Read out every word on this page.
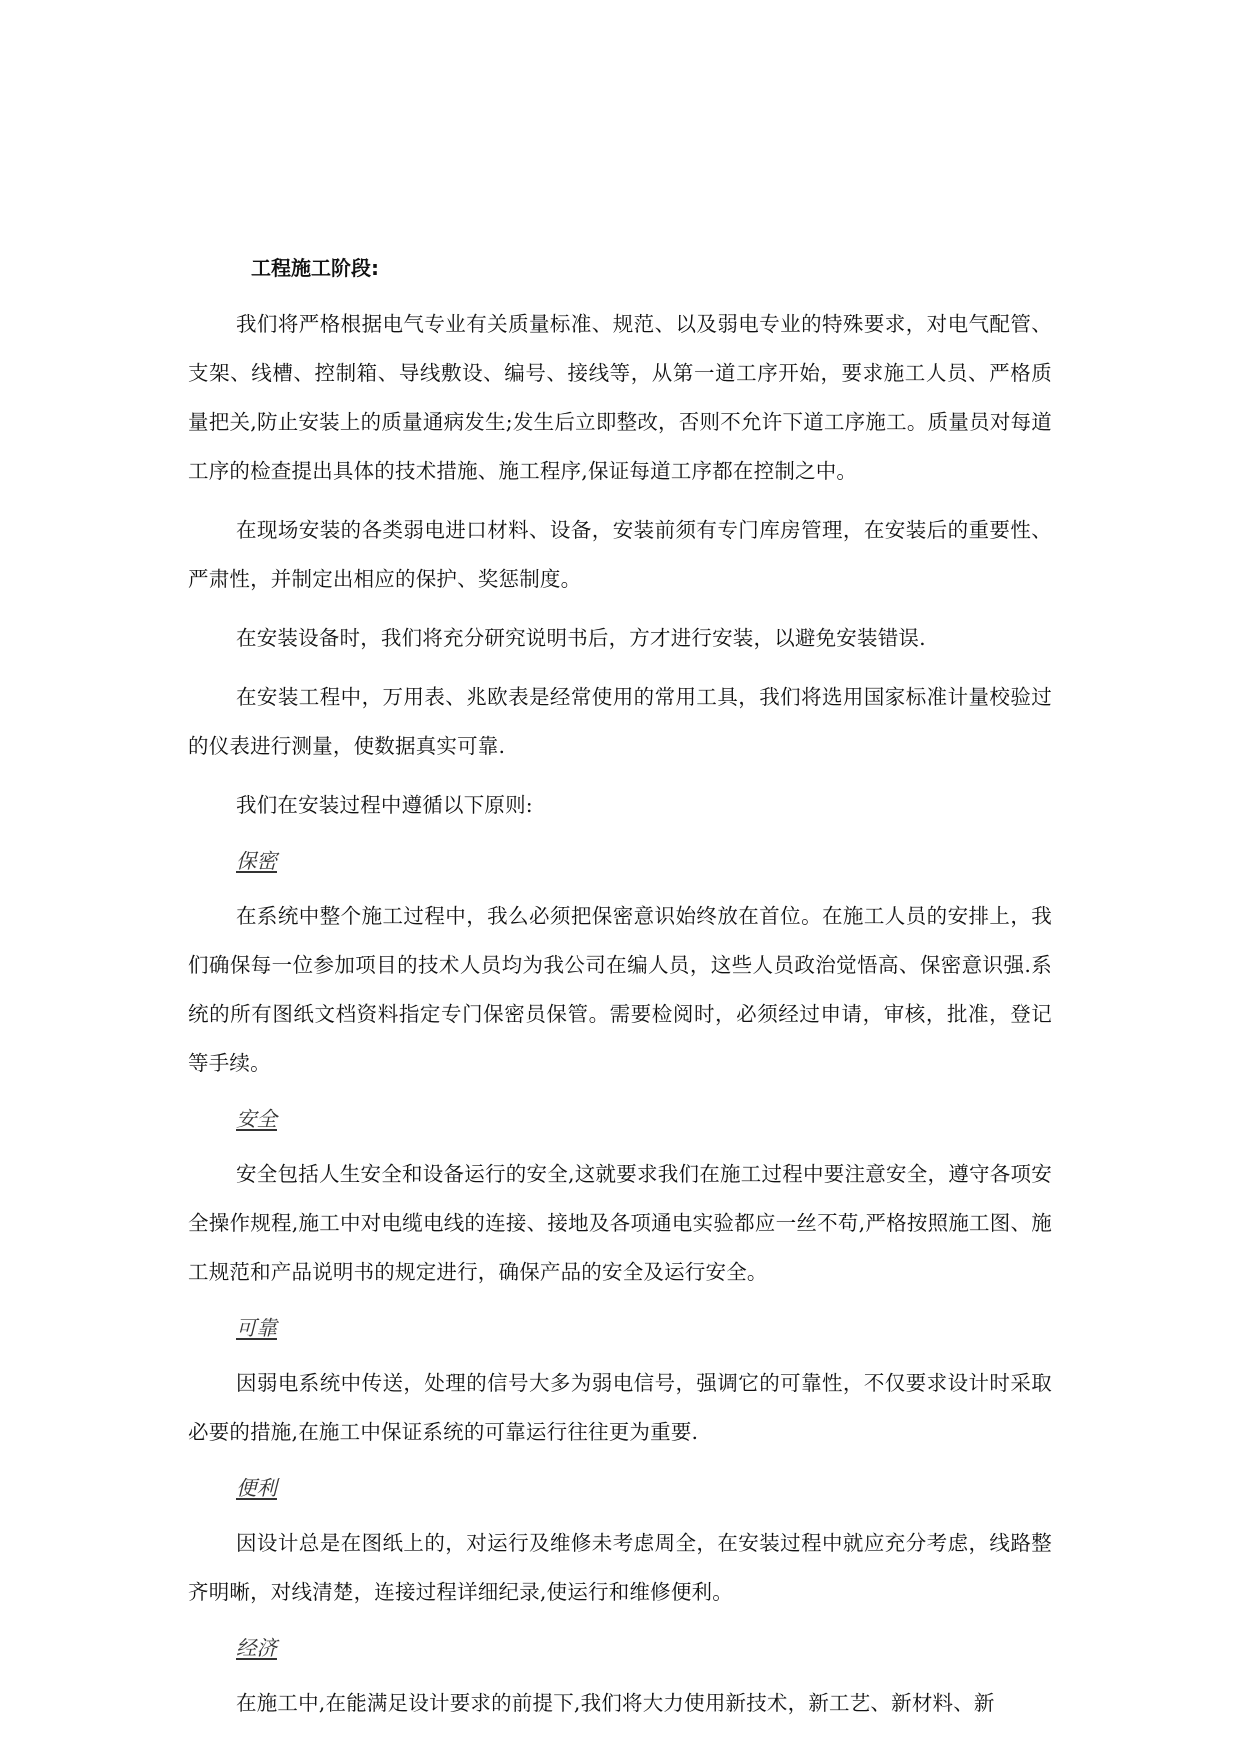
工程施工阶段:

我们将严格根据电气专业有关质量标准、规范、以及弱电专业的特殊要求，对电气配管、支架、线槽、控制箱、导线敷设、编号、接线等，从第一道工序开始，要求施工人员、严格质量把关,防止安装上的质量通病发生;发生后立即整改，否则不允许下道工序施工。质量员对每道工序的检查提出具体的技术措施、施工程序,保证每道工序都在控制之中。

在现场安装的各类弱电进口材料、设备，安装前须有专门库房管理，在安装后的重要性、严肃性，并制定出相应的保护、奖惩制度。

在安装设备时，我们将充分研究说明书后，方才进行安装，以避免安装错误.

在安装工程中，万用表、兆欧表是经常使用的常用工具，我们将选用国家标准计量校验过的仪表进行测量，使数据真实可靠.

我们在安装过程中遵循以下原则:

保密

在系统中整个施工过程中，我么必须把保密意识始终放在首位。在施工人员的安排上，我们确保每一位参加项目的技术人员均为我公司在编人员，这些人员政治觉悟高、保密意识强.系统的所有图纸文档资料指定专门保密员保管。需要检阅时，必须经过申请，审核，批准，登记等手续。

安全

安全包括人生安全和设备运行的安全,这就要求我们在施工过程中要注意安全，遵守各项安全操作规程,施工中对电缆电线的连接、接地及各项通电实验都应一丝不苟,严格按照施工图、施工规范和产品说明书的规定进行，确保产品的安全及运行安全。

可靠

因弱电系统中传送，处理的信号大多为弱电信号，强调它的可靠性，不仅要求设计时采取必要的措施,在施工中保证系统的可靠运行往往更为重要.

便利

因设计总是在图纸上的，对运行及维修未考虑周全，在安装过程中就应充分考虑，线路整齐明晰，对线清楚，连接过程详细纪录,使运行和维修便利。

经济

在施工中,在能满足设计要求的前提下,我们将大力使用新技术，新工艺、新材料、新
